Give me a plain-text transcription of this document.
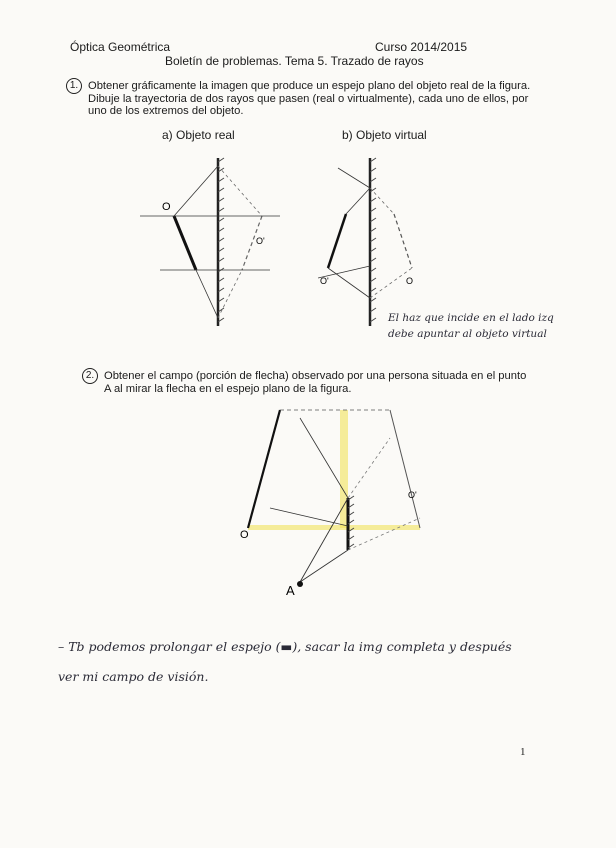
Óptica Geométrica	Curso 2014/2015
Boletín de problemas. Tema 5. Trazado de rayos
1. Obtener gráficamente la imagen que produce un espejo plano del objeto real de la figura. Dibuje la trayectoria de dos rayos que pasen (real o virtualmente), cada uno de ellos, por uno de los extremos del objeto.
a) Objeto real	b) Objeto virtual
O
O'
O'	O
El haz que incide en el lado izq debe apuntar al objeto virtual
2. Obtener el campo (porción de flecha) observado por una persona situada en el punto A al mirar la flecha en el espejo plano de la figura.
O
O'
A
– Tb podemos prolongar el espejo (▬), sacar la img completa y después ver mi campo de visión.
1
